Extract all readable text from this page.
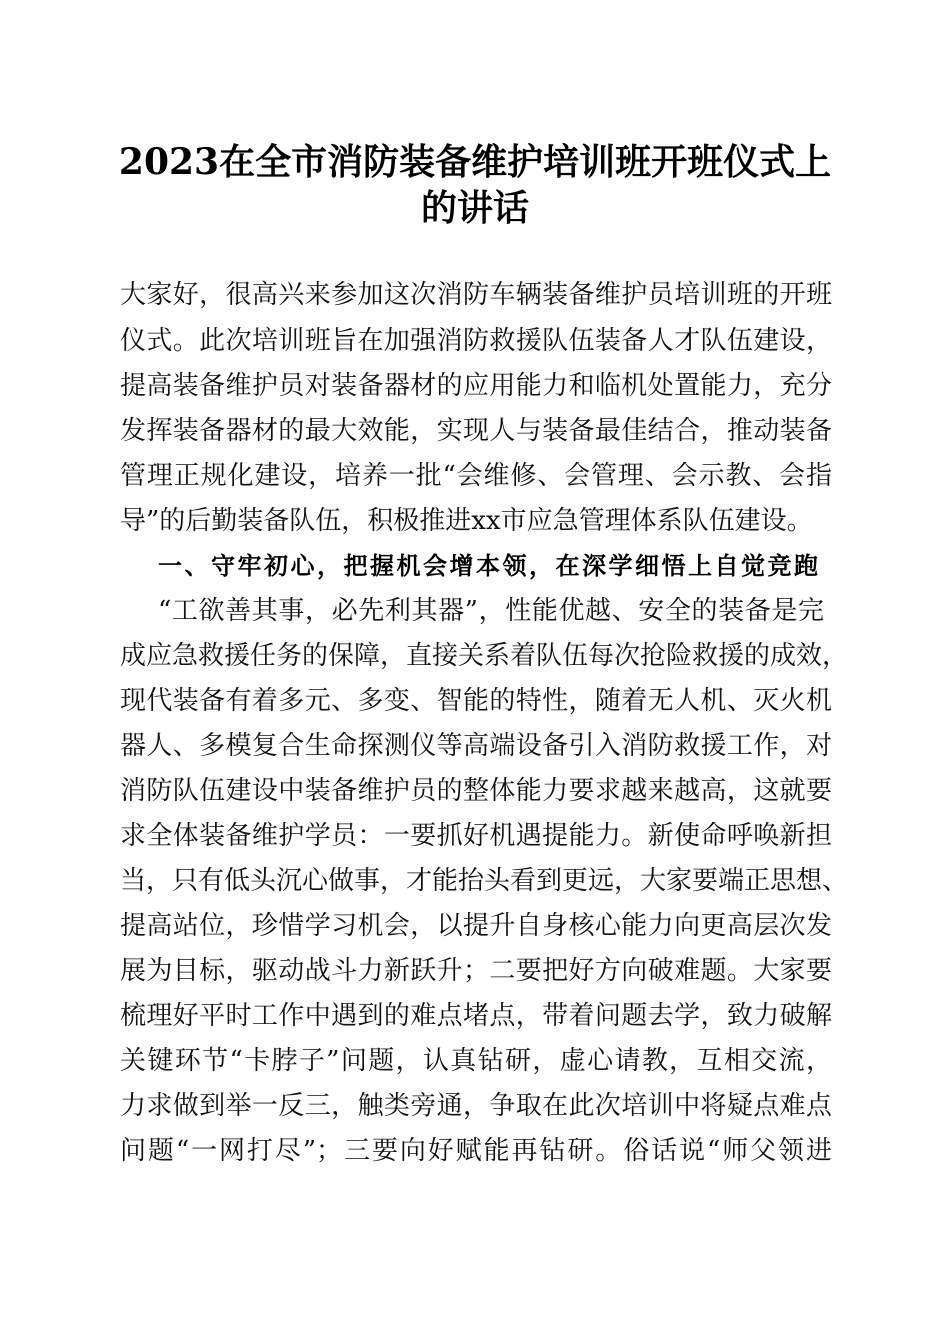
2023在全市消防装备维护培训班开班仪式上
的讲话
大家好，很高兴来参加这次消防车辆装备维护员培训班的开班
仪式。此次培训班旨在加强消防救援队伍装备人才队伍建设，
提高装备维护员对装备器材的应用能力和临机处置能力，充分
发挥装备器材的最大效能，实现人与装备最佳结合，推动装备
管理正规化建设，培养一批“会维修、会管理、会示教、会指
导”的后勤装备队伍，积极推进xx市应急管理体系队伍建设。
一、守牢初心，把握机会增本领，在深学细悟上自觉竞跑
“工欲善其事，必先利其器”，性能优越、安全的装备是完
成应急救援任务的保障，直接关系着队伍每次抢险救援的成效，
现代装备有着多元、多变、智能的特性，随着无人机、灭火机
器人、多模复合生命探测仪等高端设备引入消防救援工作，对
消防队伍建设中装备维护员的整体能力要求越来越高，这就要
求全体装备维护学员：一要抓好机遇提能力。新使命呼唤新担
当，只有低头沉心做事，才能抬头看到更远，大家要端正思想、
提高站位，珍惜学习机会，以提升自身核心能力向更高层次发
展为目标，驱动战斗力新跃升；二要把好方向破难题。大家要
梳理好平时工作中遇到的难点堵点，带着问题去学，致力破解
关键环节“卡脖子”问题，认真钻研，虚心请教，互相交流，
力求做到举一反三，触类旁通，争取在此次培训中将疑点难点
问题“一网打尽”；三要向好赋能再钻研。俗话说“师父领进
